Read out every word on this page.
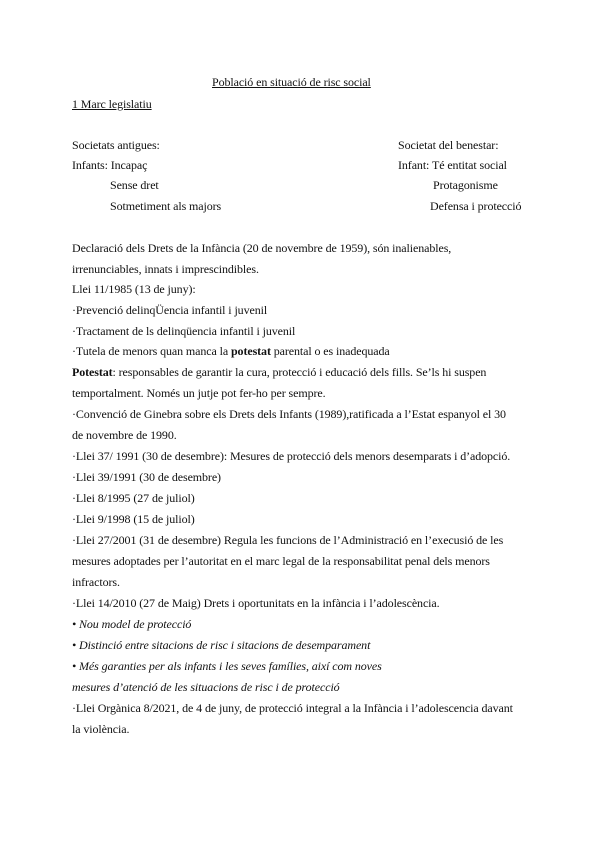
Població en situació de risc social
1 Marc legislatiu
Societats antigues:	Societat del benestar:
Infants: Incapaç	Infant: Té entitat social
Sense dret	Protagonisme
Sotmetiment als majors	Defensa i protecció
Declaració dels Drets de la Infància (20 de novembre de 1959), són inalienables,
irrenunciables, innats i imprescindibles.
Llei 11/1985 (13 de juny):
·Prevenció delinqÜencia infantil i juvenil
·Tractament de ls delinqüencia infantil i juvenil
·Tutela de menors quan manca la potestat parental o es inadequada
Potestat: responsables de garantir la cura, protecció i educació dels fills. Se’ls hi suspen
temportalment. Només un jutje pot fer-ho per sempre.
·Convenció de Ginebra sobre els Drets dels Infants (1989),ratificada a l’Estat espanyol el 30
de novembre de 1990.
·Llei 37/ 1991 (30 de desembre): Mesures de protecció dels menors desemparats i d’adopció.
·Llei 39/1991 (30 de desembre)
·Llei 8/1995 (27 de juliol)
·Llei 9/1998 (15 de juliol)
·Llei 27/2001 (31 de desembre) Regula les funcions de l’Administració en l’execusió de les
mesures adoptades per l’autoritat en el marc legal de la responsabilitat penal dels menors
infractors.
·Llei 14/2010 (27 de Maig) Drets i oportunitats en la infància i l’adolescència.
• Nou model de protecció
• Distinció entre sitacions de risc i sitacions de desemparament
• Més garanties per als infants i les seves famílies, així com noves
mesures d’atenció de les situacions de risc i de protecció
·Llei Orgànica 8/2021, de 4 de juny, de protecció integral a la Infància i l’adolescencia davant
la violència.
